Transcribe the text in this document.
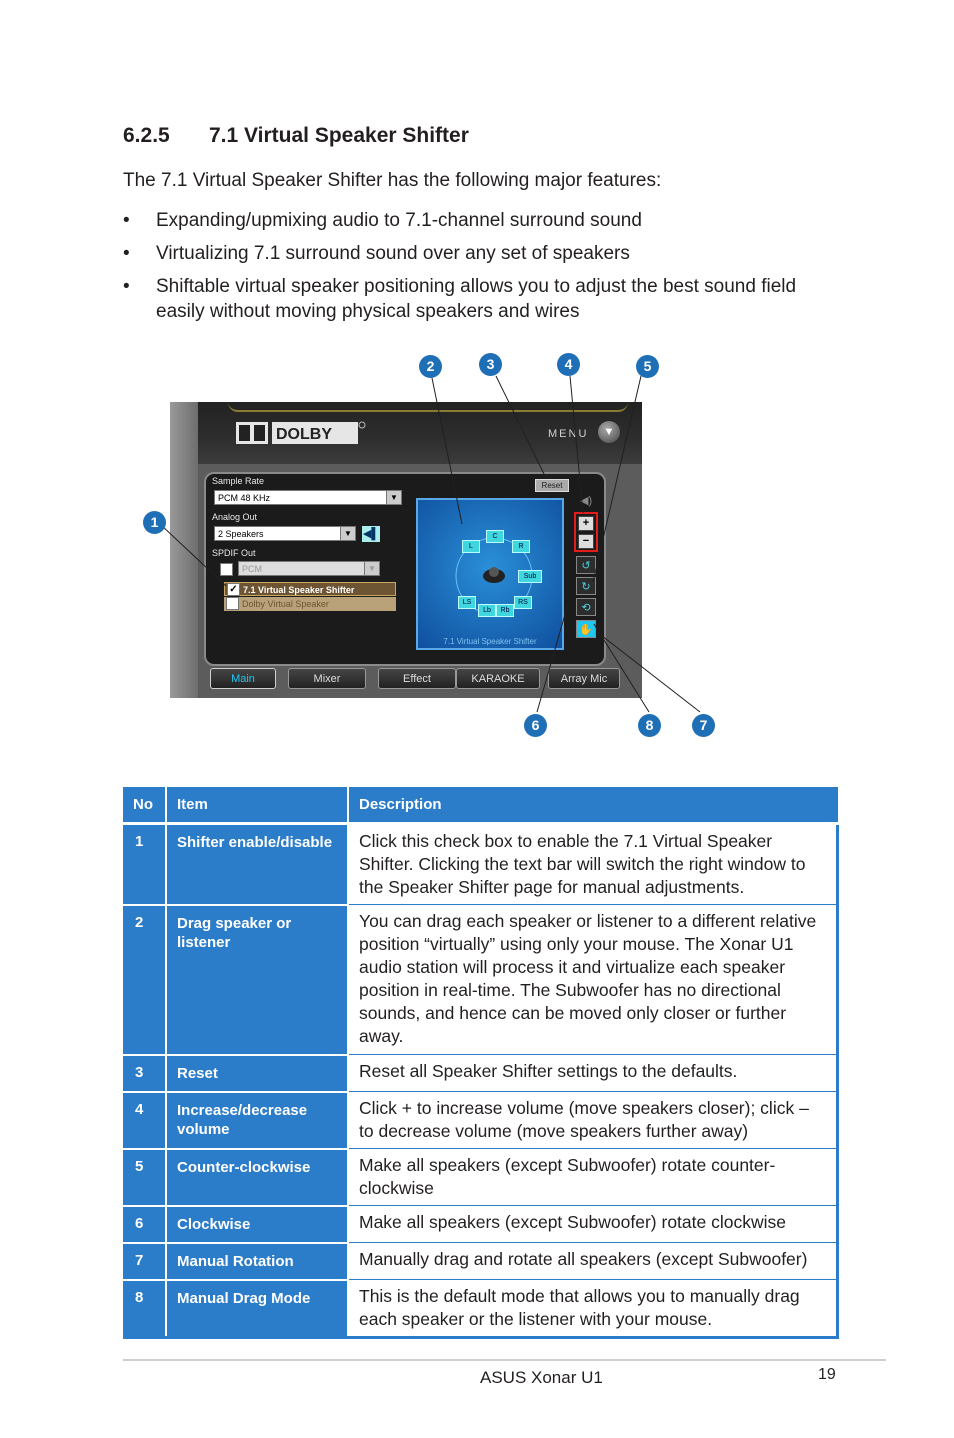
6.2.5 7.1 Virtual Speaker Shifter
The 7.1 Virtual Speaker Shifter has the following major features:
• Expanding/upmixing audio to 7.1-channel surround sound
• Virtualizing 7.1 surround sound over any set of speakers
• Shiftable virtual speaker positioning allows you to adjust the best sound field easily without moving physical speakers and wires
DOLBY	MENU	▼
Sample Rate
PCM 48 KHz	▼
Analog Out
2 Speakers	▼ ◀▌
SPDIF Out
PCM	▼
✓ 7.1 Virtual Speaker Shifter
Dolby Virtual Speaker
Reset
◀)
L
C
R
Sub
LS
Lb	Rb
RS
7.1 Virtual Speaker Shifter
+
−
↺
↻
⟲
✋
Main	Mixer	Effect	KARAOKE	Array Mic
1
2	3	4	5
6	7
8
No	Item	Description
1	Shifter enable/disable	Click this check box to enable the 7.1 Virtual Speaker Shifter. Clicking the text bar will switch the right window to the Speaker Shifter page for manual adjustments.
2	Drag speaker or listener	You can drag each speaker or listener to a different relative position “virtually” using only your mouse. The Xonar U1 audio station will process it and virtualize each speaker position in real-time. The Subwoofer has no directional sounds, and hence can be moved only closer or further away.
3	Reset	Reset all Speaker Shifter settings to the defaults.
4	Increase/decrease volume	Click + to increase volume (move speakers closer); click – to decrease volume (move speakers further away)
5	Counter-clockwise	Make all speakers (except Subwoofer) rotate counter-clockwise
6	Clockwise	Make all speakers (except Subwoofer) rotate clockwise
7	Manual Rotation	Manually drag and rotate all speakers (except Subwoofer)
8	Manual Drag Mode	This is the default mode that allows you to manually drag each speaker or the listener with your mouse.
ASUS Xonar U1	19
